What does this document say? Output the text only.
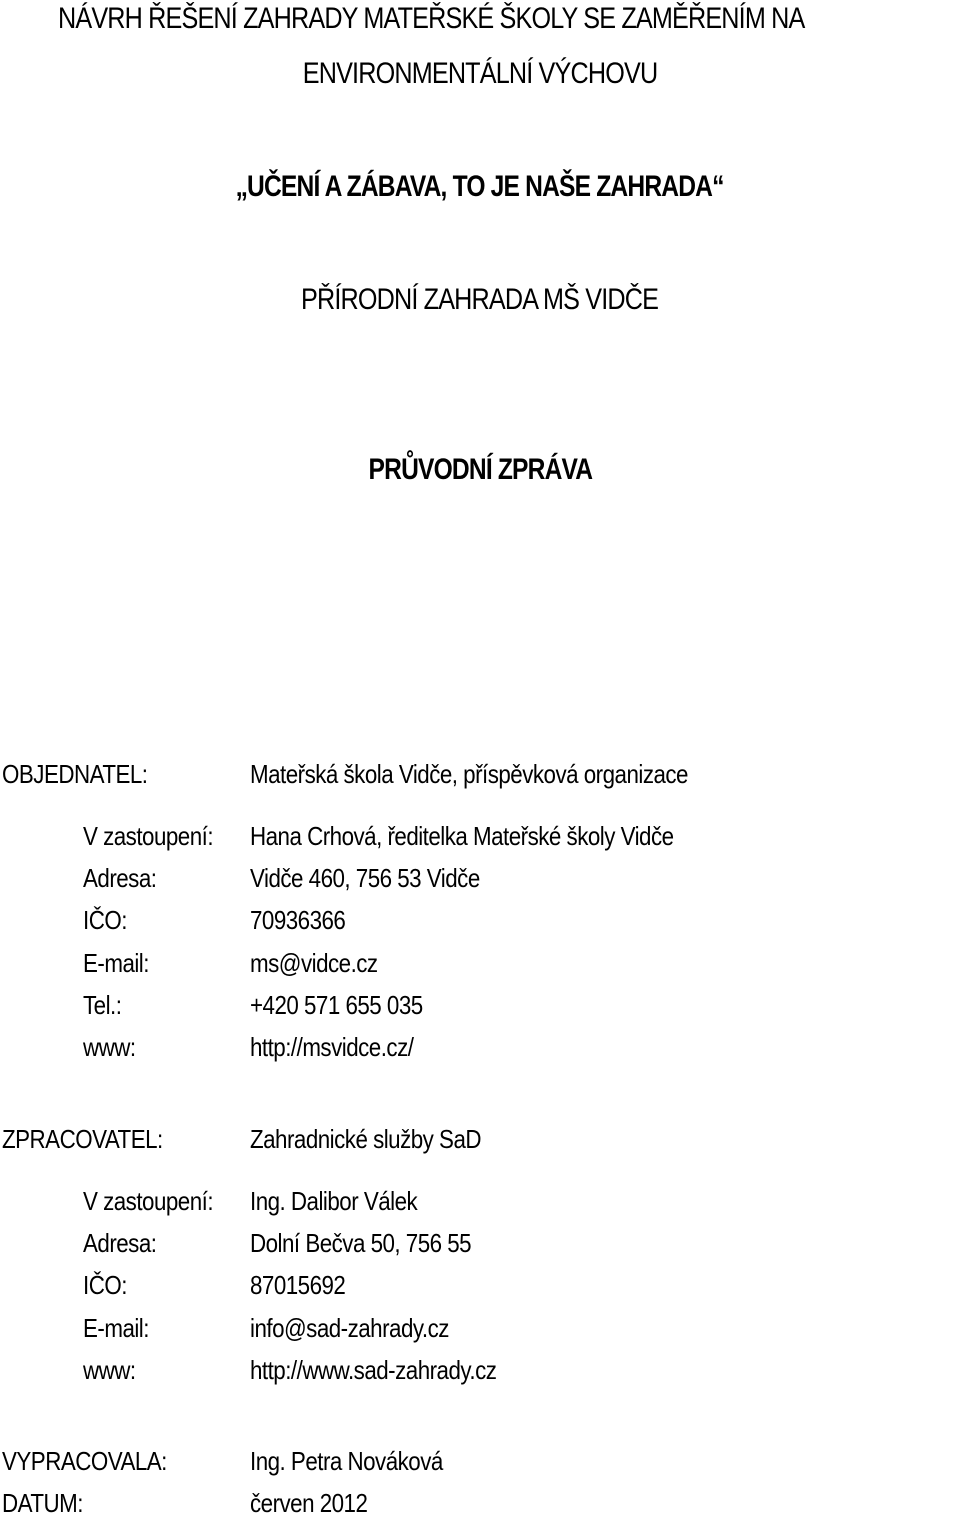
NÁVRH ŘEŠENÍ ZAHRADY MATEŘSKÉ ŠKOLY SE ZAMĚŘENÍM NA
ENVIRONMENTÁLNÍ VÝCHOVU
„UČENÍ A ZÁBAVA, TO JE NAŠE ZAHRADA“
PŘÍRODNÍ ZAHRADA MŠ VIDČE
PRŮVODNÍ ZPRÁVA
OBJEDNATEL:	Mateřská škola Vidče, příspěvková organizace
V zastoupení:	Hana Crhová, ředitelka Mateřské školy Vidče
Adresa:	Vidče 460, 756 53 Vidče
IČO:	70936366
E-mail:	ms@vidce.cz
Tel.:	+420 571 655 035
www:	http://msvidce.cz/
ZPRACOVATEL:	Zahradnické služby SaD
V zastoupení:	Ing. Dalibor Válek
Adresa:	Dolní Bečva 50, 756 55
IČO:	87015692
E-mail:	info@sad-zahrady.cz
www:	http://www.sad-zahrady.cz
VYPRACOVALA:	Ing. Petra Nováková
DATUM:	červen 2012
